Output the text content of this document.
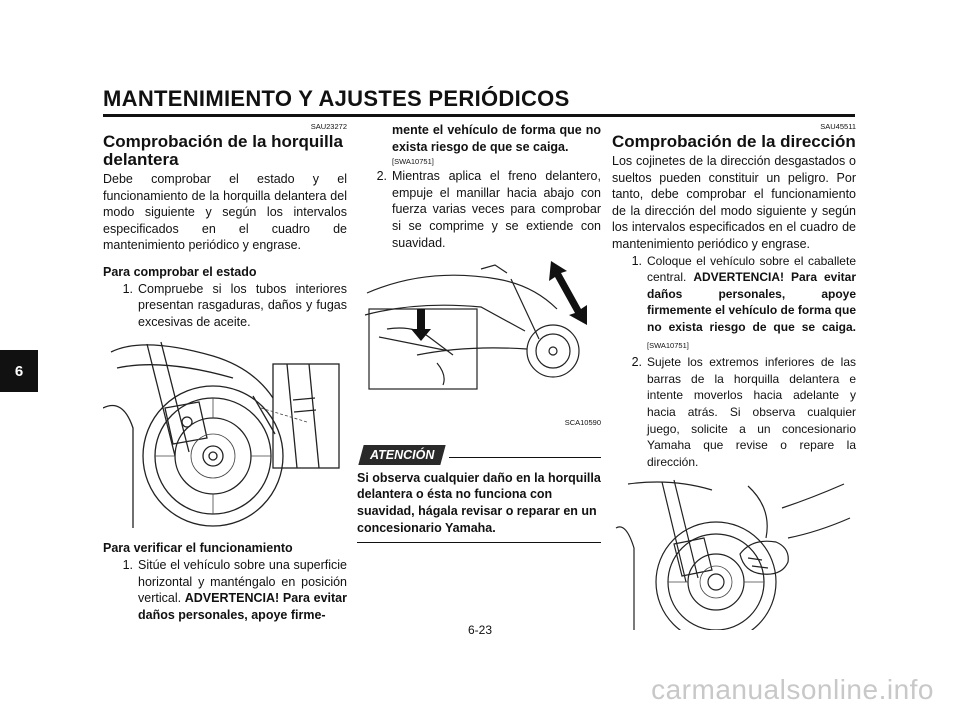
MANTENIMIENTO Y AJUSTES PERIÓDICOS
6
SAU23272
Comprobación de la horquilla delantera

Debe comprobar el estado y el funcionamiento de la horquilla delantera del modo siguiente y según los intervalos especificados en el cuadro de mantenimiento periódico y engrase.

Para comprobar el estado
1. Compruebe si los tubos interiores presentan rasgaduras, daños y fugas excesivas de aceite.
Para verificar el funcionamiento
1. Sitúe el vehículo sobre una superficie horizontal y manténgalo en posición vertical. ADVERTENCIA! Para evitar daños personales, apoye firme-
mente el vehículo de forma que no exista riesgo de que se caiga.
[SWA10751]
2. Mientras aplica el freno delantero, empuje el manillar hacia abajo con fuerza varias veces para comprobar si se comprime y se extiende con suavidad.
SCA10590
ATENCIÓN
Si observa cualquier daño en la horquilla delantera o ésta no funciona con suavidad, hágala revisar o reparar en un concesionario Yamaha.
SAU45511
Comprobación de la dirección

Los cojinetes de la dirección desgastados o sueltos pueden constituir un peligro. Por tanto, debe comprobar el funcionamiento de la dirección del modo siguiente y según los intervalos especificados en el cuadro de mantenimiento periódico y engrase.

1. Coloque el vehículo sobre el caballete central. ADVERTENCIA! Para evitar daños personales, apoye firmemente el vehículo de forma que no exista riesgo de que se caiga. [SWA10751]
2. Sujete los extremos inferiores de las barras de la horquilla delantera e intente moverlos hacia adelante y hacia atrás. Si observa cualquier juego, solicite a un concesionario Yamaha que revise o repare la dirección.
6-23
carmanualsonline.info
